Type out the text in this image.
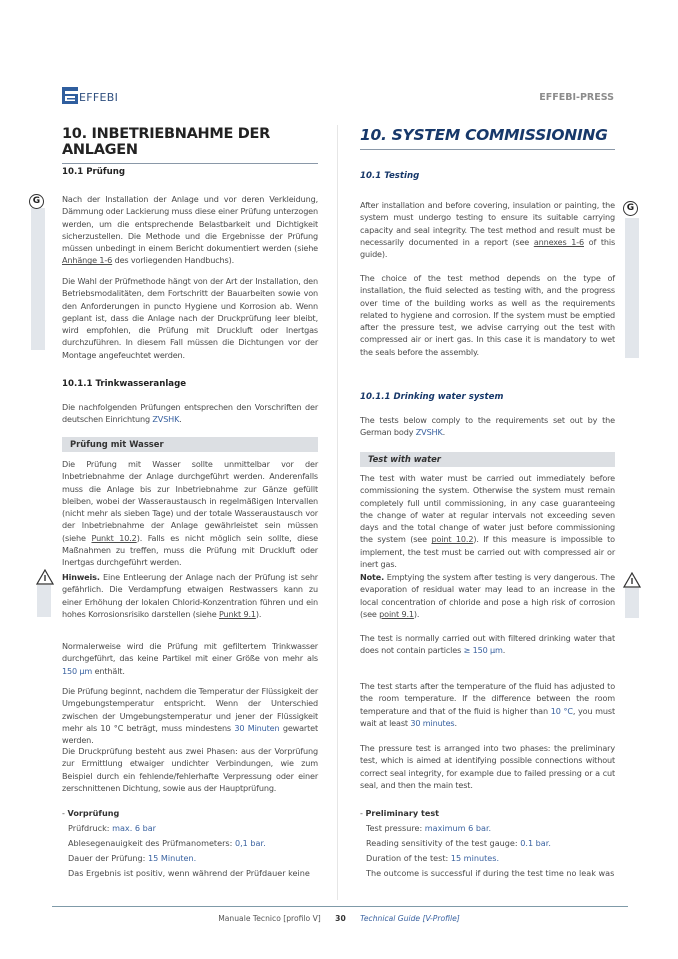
EFFEBI	EFFEBI-PRESS
10. INBETRIEBNAHME DER ANLAGEN
10.1 Prüfung
G	Nach der Installation der Anlage und vor deren Verkleidung, Dämmung oder Lackierung muss diese einer Prüfung unterzogen werden, um die entsprechende Belastbarkeit und Dichtigkeit sicherzustellen. Die Methode und die Ergebnisse der Prüfung müssen unbedingt in einem Bericht dokumentiert werden (siehe Anhänge 1-6 des vorliegenden Handbuchs).

Die Wahl der Prüfmethode hängt von der Art der Installation, den Betriebsmodalitäten, dem Fortschritt der Bauarbeiten sowie von den Anforderungen in puncto Hygiene und Korrosion ab. Wenn geplant ist, dass die Anlage nach der Druckprüfung leer bleibt, wird empfohlen, die Prüfung mit Druckluft oder Inertgas durchzuführen. In diesem Fall müssen die Dichtungen vor der Montage angefeuchtet werden.

10.1.1 Trinkwasseranlage

Die nachfolgenden Prüfungen entsprechen den Vorschriften der deutschen Einrichtung ZVSHK.

Prüfung mit Wasser

Die Prüfung mit Wasser sollte unmittelbar vor der Inbetriebnahme der Anlage durchgeführt werden. Anderenfalls muss die Anlage bis zur Inbetriebnahme zur Gänze gefüllt bleiben, wobei der Wasseraustausch in regelmäßigen Intervallen (nicht mehr als sieben Tage) und der totale Wasseraustausch vor der Inbetriebnahme der Anlage gewährleistet sein müssen (siehe Punkt 10.2). Falls es nicht möglich sein sollte, diese Maßnahmen zu treffen, muss die Prüfung mit Druckluft oder Inertgas durchgeführt werden.

Hinweis. Eine Entleerung der Anlage nach der Prüfung ist sehr gefährlich. Die Verdampfung etwaigen Restwassers kann zu einer Erhöhung der lokalen Chlorid-Konzentration führen und ein hohes Korrosionsrisiko darstellen (siehe Punkt 9.1).

Normalerweise wird die Prüfung mit gefiltertem Trinkwasser durchgeführt, das keine Partikel mit einer Größe von mehr als 150 µm enthält.

Die Prüfung beginnt, nachdem die Temperatur der Flüssigkeit der Umgebungstemperatur entspricht. Wenn der Unterschied zwischen der Umgebungstemperatur und jener der Flüssigkeit mehr als 10 °C beträgt, muss mindestens 30 Minuten gewartet werden.

Die Druckprüfung besteht aus zwei Phasen: aus der Vorprüfung zur Ermittlung etwaiger undichter Verbindungen, wie zum Beispiel durch ein fehlende/fehlerhafte Verpressung oder einer zerschnittenen Dichtung, sowie aus der Hauptprüfung.

- Vorprüfung
Prüfdruck: max. 6 bar
Ablesegenauigkeit des Prüfmanometers: 0,1 bar.
Dauer der Prüfung: 15 Minuten.
Das Ergebnis ist positiv, wenn während der Prüfdauer keine
10. SYSTEM COMMISSIONING
10.1 Testing
G

After installation and before covering, insulation or painting, the system must undergo testing to ensure its suitable carrying capacity and seal integrity. The test method and result must be necessarily documented in a report (see annexes 1-6 of this guide).

The choice of the test method depends on the type of installation, the fluid selected as testing with, and the progress over time of the building works as well as the requirements related to hygiene and corrosion. If the system must be emptied after the pressure test, we advise carrying out the test with compressed air or inert gas. In this case it is mandatory to wet the seals before the assembly.

10.1.1 Drinking water system

The tests below comply to the requirements set out by the German body ZVSHK.

Test with water

The test with water must be carried out immediately before commissioning the system. Otherwise the system must remain completely full until commissioning, in any case guaranteeing the change of water at regular intervals not exceeding seven days and the total change of water just before commissioning the system (see point 10.2). If this measure is impossible to implement, the test must be carried out with compressed air or inert gas.

Note. Emptying the system after testing is very dangerous. The evaporation of residual water may lead to an increase in the local concentration of chloride and pose a high risk of corrosion (see point 9.1).

The test is normally carried out with filtered drinking water that does not contain particles ≥ 150 µm.

The test starts after the temperature of the fluid has adjusted to the room temperature. If the difference between the room temperature and that of the fluid is higher than 10 °C, you must wait at least 30 minutes.

The pressure test is arranged into two phases: the preliminary test, which is aimed at identifying possible connections without correct seal integrity, for example due to failed pressing or a cut seal, and then the main test.

- Preliminary test
Test pressure: maximum 6 bar.
Reading sensitivity of the test gauge: 0.1 bar.
Duration of the test: 15 minutes.
The outcome is successful if during the test time no leak was
Manuale Tecnico [profilo V] 30 Technical Guide [V-Profile]
